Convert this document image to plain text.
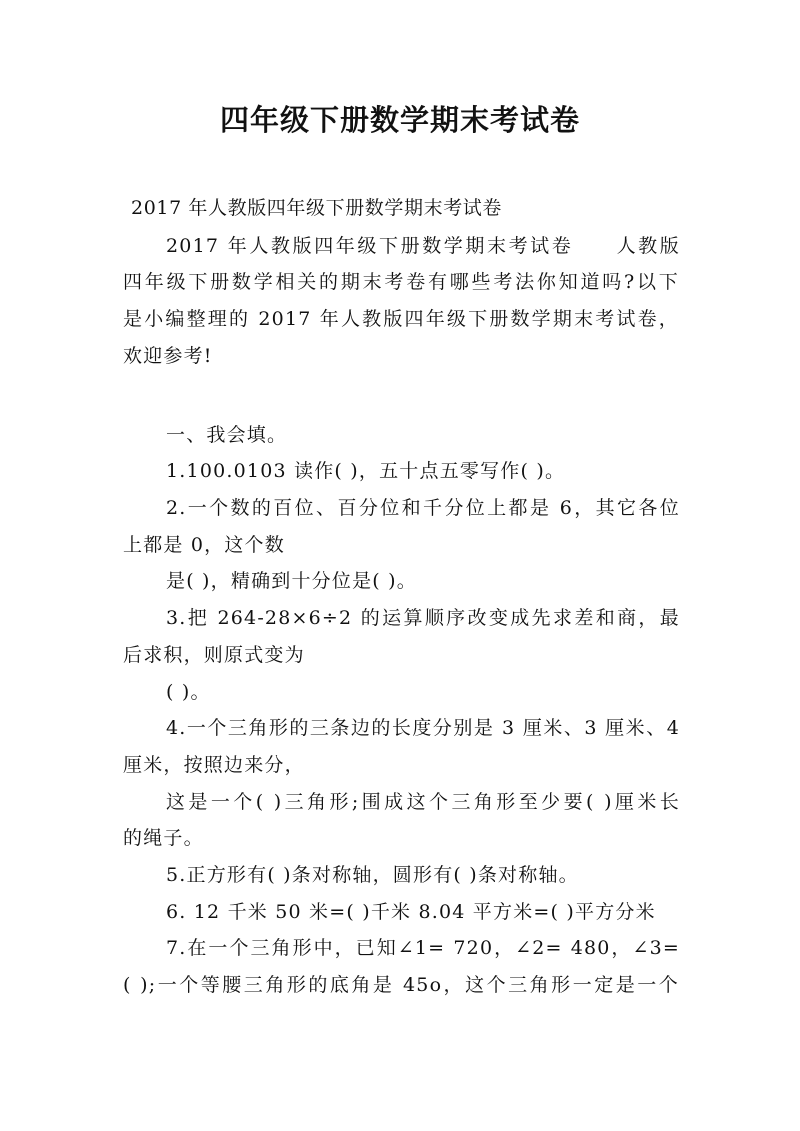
四年级下册数学期末考试卷

2017 年人教版四年级下册数学期末考试卷

2017 年人教版四年级下册数学期末考试卷　　人教版

四年级下册数学相关的期末考卷有哪些考法你知道吗?以下

是小编整理的 2017 年人教版四年级下册数学期末考试卷，

欢迎参考!

一、我会填。

1.100.0103 读作( )，五十点五零写作( )。

2.一个数的百位、百分位和千分位上都是 6，其它各位

上都是 0，这个数

是( )，精确到十分位是( )。

3.把 264-28×6÷2 的运算顺序改变成先求差和商，最

后求积，则原式变为

( )。

4.一个三角形的三条边的长度分别是 3 厘米、3 厘米、4

厘米，按照边来分，

这是一个( )三角形;围成这个三角形至少要( )厘米长

的绳子。

5.正方形有( )条对称轴，圆形有( )条对称轴。

6. 12 千米 50 米=( )千米 8.04 平方米=( )平方分米

7.在一个三角形中，已知∠1= 720，∠2= 480，∠3=

( );一个等腰三角形的底角是 45o，这个三角形一定是一个
